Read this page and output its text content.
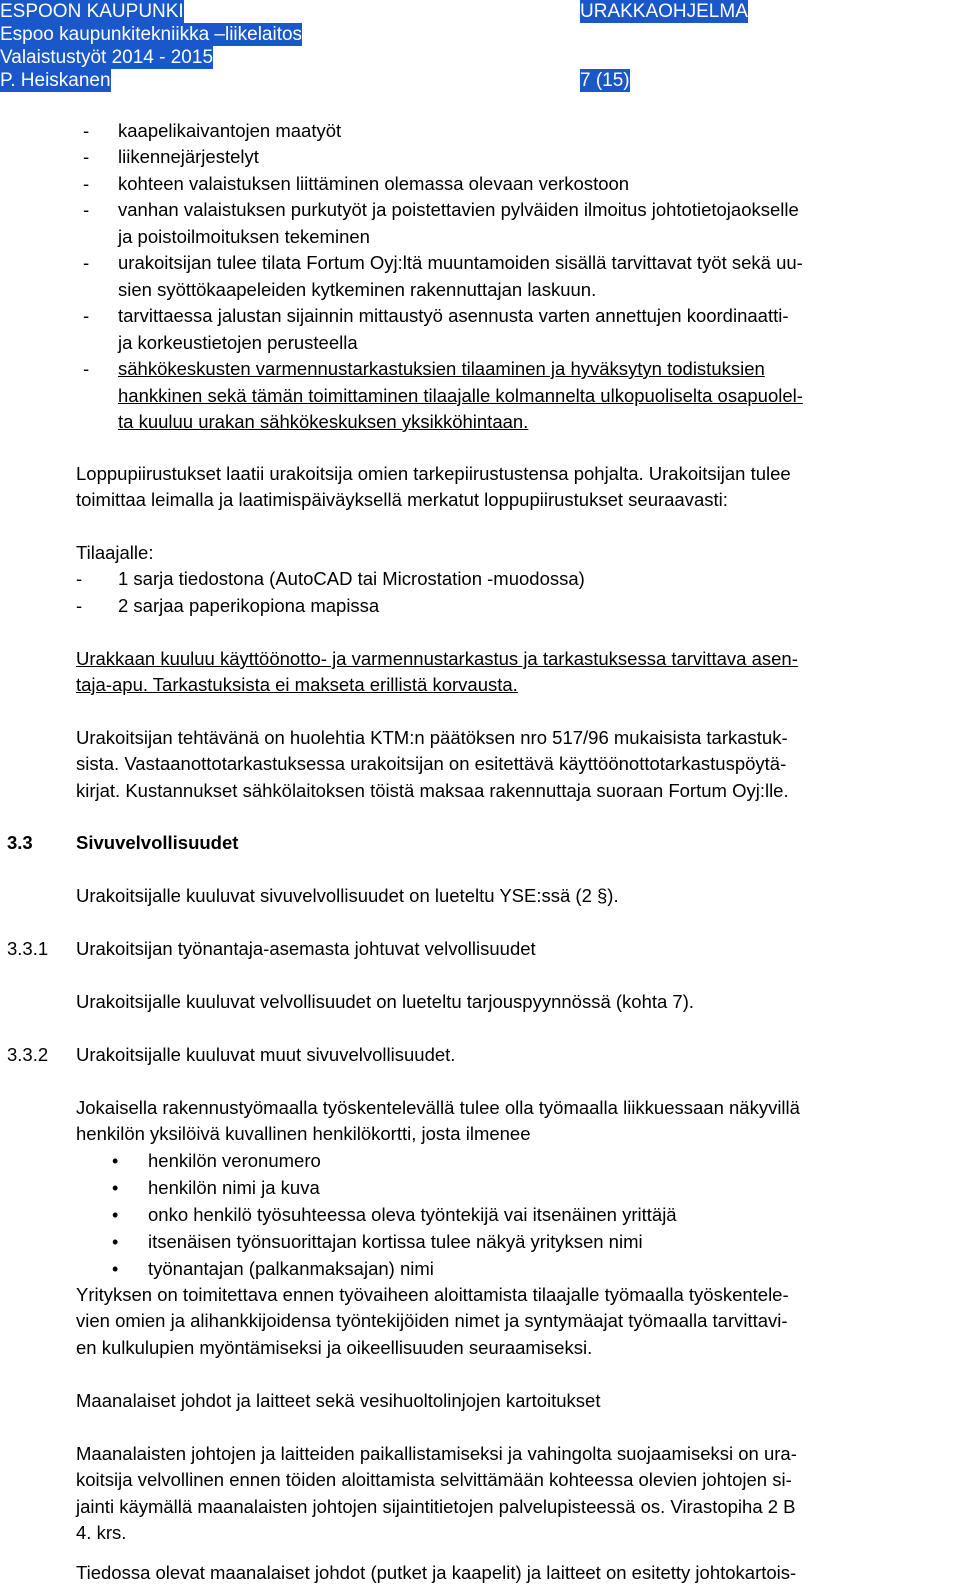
ESPOON KAUPUNKI	URAKKAOHJELMA
Espoo kaupunkitekniikka –liikelaitos
Valaistustyöt 2014 - 2015
P. Heiskanen	7 (15)
- kaapelikaivantojen maatyöt
- liikennejärjestelyt
- kohteen valaistuksen liittäminen olemassa olevaan verkostoon
- vanhan valaistuksen purkutyöt ja poistettavien pylväiden ilmoitus johtotietojaokselle
ja poistoilmoituksen tekeminen
- urakoitsijan tulee tilata Fortum Oyj:ltä muuntamoiden sisällä tarvittavat työt sekä uu-
sien syöttökaapeleiden kytkeminen rakennuttajan laskuun.
- tarvittaessa jalustan sijainnin mittaustyö asennusta varten annettujen koordinaatti-
ja korkeustietojen perusteella
- sähkökeskusten varmennustarkastuksien tilaaminen ja hyväksytyn todistuksien
hankkinen sekä tämän toimittaminen tilaajalle kolmannelta ulkopuoliselta osapuolel-
ta kuuluu urakan sähkökeskuksen yksikköhintaan.
Loppupiirustukset laatii urakoitsija omien tarkepiirustustensa pohjalta. Urakoitsijan tulee
toimittaa leimalla ja laatimispäiväyksellä merkatut loppupiirustukset seuraavasti:
Tilaajalle:
- 1 sarja tiedostona (AutoCAD tai Microstation -muodossa)
- 2 sarjaa paperikopiona mapissa
Urakkaan kuuluu käyttöönotto- ja varmennustarkastus ja tarkastuksessa tarvittava asen-
taja-apu. Tarkastuksista ei makseta erillistä korvausta.
Urakoitsijan tehtävänä on huolehtia KTM:n päätöksen nro 517/96 mukaisista tarkastuk-
sista. Vastaanottotarkastuksessa urakoitsijan on esitettävä käyttöönottotarkastuspöytä-
kirjat. Kustannukset sähkölaitoksen töistä maksaa rakennuttaja suoraan Fortum Oyj:lle.
3.3 Sivuvelvollisuudet
Urakoitsijalle kuuluvat sivuvelvollisuudet on lueteltu YSE:ssä (2 §).
3.3.1 Urakoitsijan työnantaja-asemasta johtuvat velvollisuudet
Urakoitsijalle kuuluvat velvollisuudet on lueteltu tarjouspyynnössä (kohta 7).
3.3.2 Urakoitsijalle kuuluvat muut sivuvelvollisuudet.
Jokaisella rakennustyömaalla työskentelevällä tulee olla työmaalla liikkuessaan näkyvillä
henkilön yksilöivä kuvallinen henkilökortti, josta ilmenee
• henkilön veronumero
• henkilön nimi ja kuva
• onko henkilö työsuhteessa oleva työntekijä vai itsenäinen yrittäjä
• itsenäisen työnsuorittajan kortissa tulee näkyä yrityksen nimi
• työnantajan (palkanmaksajan) nimi
Yrityksen on toimitettava ennen työvaiheen aloittamista tilaajalle työmaalla työskentele-
vien omien ja alihankkijoidensa työntekijöiden nimet ja syntymäajat työmaalla tarvittavi-
en kulkulupien myöntämiseksi ja oikeellisuuden seuraamiseksi.
Maanalaiset johdot ja laitteet sekä vesihuoltolinjojen kartoitukset
Maanalaisten johtojen ja laitteiden paikallistamiseksi ja vahingolta suojaamiseksi on ura-
koitsija velvollinen ennen töiden aloittamista selvittämään kohteessa olevien johtojen si-
jainti käymällä maanalaisten johtojen sijaintitietojen palvelupisteessä os. Virastopiha 2 B
4. krs.
Tiedossa olevat maanalaiset johdot (putket ja kaapelit) ja laitteet on esitetty johtokartois-
